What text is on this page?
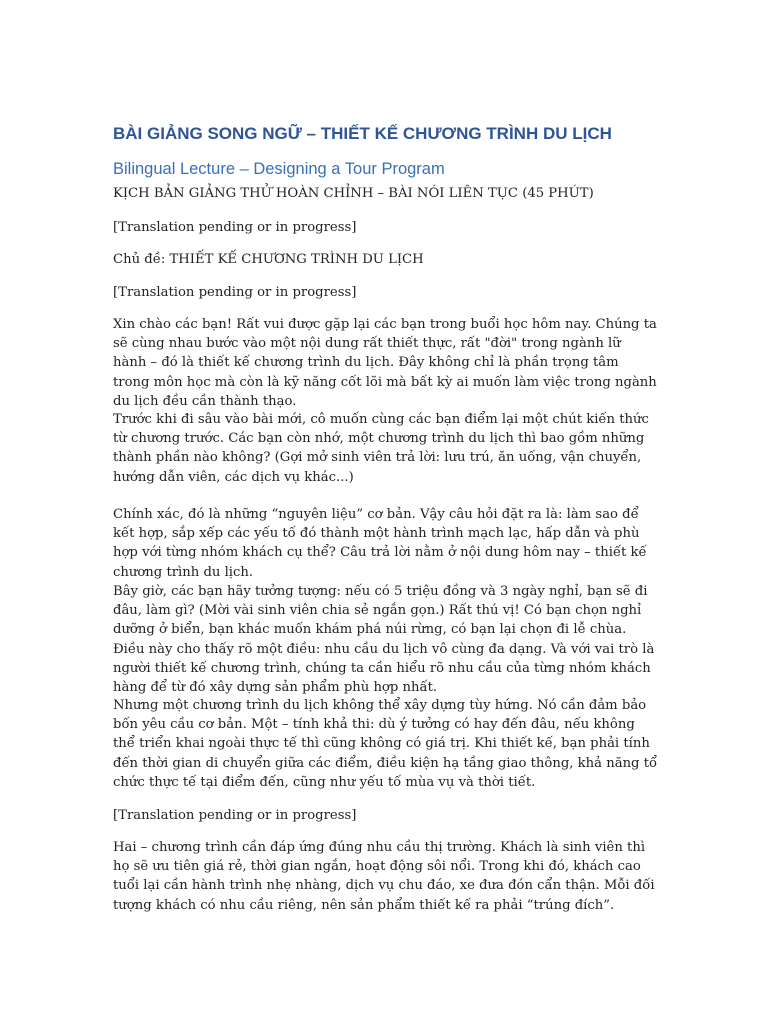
BÀI GIẢNG SONG NGỮ – THIẾT KẾ CHƯƠNG TRÌNH DU LỊCH
Bilingual Lecture – Designing a Tour Program

KỊCH BẢN GIẢNG THỬ HOÀN CHỈNH – BÀI NÓI LIÊN TỤC (45 PHÚT)

[Translation pending or in progress]

Chủ đề: THIẾT KẾ CHƯƠNG TRÌNH DU LỊCH

[Translation pending or in progress]

Xin chào các bạn! Rất vui được gặp lại các bạn trong buổi học hôm nay. Chúng ta sẽ cùng nhau bước vào một nội dung rất thiết thực, rất "đời" trong ngành lữ hành – đó là thiết kế chương trình du lịch. Đây không chỉ là phần trọng tâm trong môn học mà còn là kỹ năng cốt lõi mà bất kỳ ai muốn làm việc trong ngành du lịch đều cần thành thạo.

Trước khi đi sâu vào bài mới, cô muốn cùng các bạn điểm lại một chút kiến thức từ chương trước. Các bạn còn nhớ, một chương trình du lịch thì bao gồm những thành phần nào không? (Gợi mở sinh viên trả lời: lưu trú, ăn uống, vận chuyển, hướng dẫn viên, các dịch vụ khác...)

Chính xác, đó là những “nguyên liệu” cơ bản. Vậy câu hỏi đặt ra là: làm sao để kết hợp, sắp xếp các yếu tố đó thành một hành trình mạch lạc, hấp dẫn và phù hợp với từng nhóm khách cụ thể? Câu trả lời nằm ở nội dung hôm nay – thiết kế chương trình du lịch.

Bây giờ, các bạn hãy tưởng tượng: nếu có 5 triệu đồng và 3 ngày nghỉ, bạn sẽ đi đâu, làm gì? (Mời vài sinh viên chia sẻ ngắn gọn.) Rất thú vị! Có bạn chọn nghỉ dưỡng ở biển, bạn khác muốn khám phá núi rừng, có bạn lại chọn đi lễ chùa. Điều này cho thấy rõ một điều: nhu cầu du lịch vô cùng đa dạng. Và với vai trò là người thiết kế chương trình, chúng ta cần hiểu rõ nhu cầu của từng nhóm khách hàng để từ đó xây dựng sản phẩm phù hợp nhất.

Nhưng một chương trình du lịch không thể xây dựng tùy hứng. Nó cần đảm bảo bốn yêu cầu cơ bản. Một – tính khả thi: dù ý tưởng có hay đến đâu, nếu không thể triển khai ngoài thực tế thì cũng không có giá trị. Khi thiết kế, bạn phải tính đến thời gian di chuyển giữa các điểm, điều kiện hạ tầng giao thông, khả năng tổ chức thực tế tại điểm đến, cũng như yếu tố mùa vụ và thời tiết.

[Translation pending or in progress]

Hai – chương trình cần đáp ứng đúng nhu cầu thị trường. Khách là sinh viên thì họ sẽ ưu tiên giá rẻ, thời gian ngắn, hoạt động sôi nổi. Trong khi đó, khách cao tuổi lại cần hành trình nhẹ nhàng, dịch vụ chu đáo, xe đưa đón cẩn thận. Mỗi đối tượng khách có nhu cầu riêng, nên sản phẩm thiết kế ra phải “trúng đích”.
